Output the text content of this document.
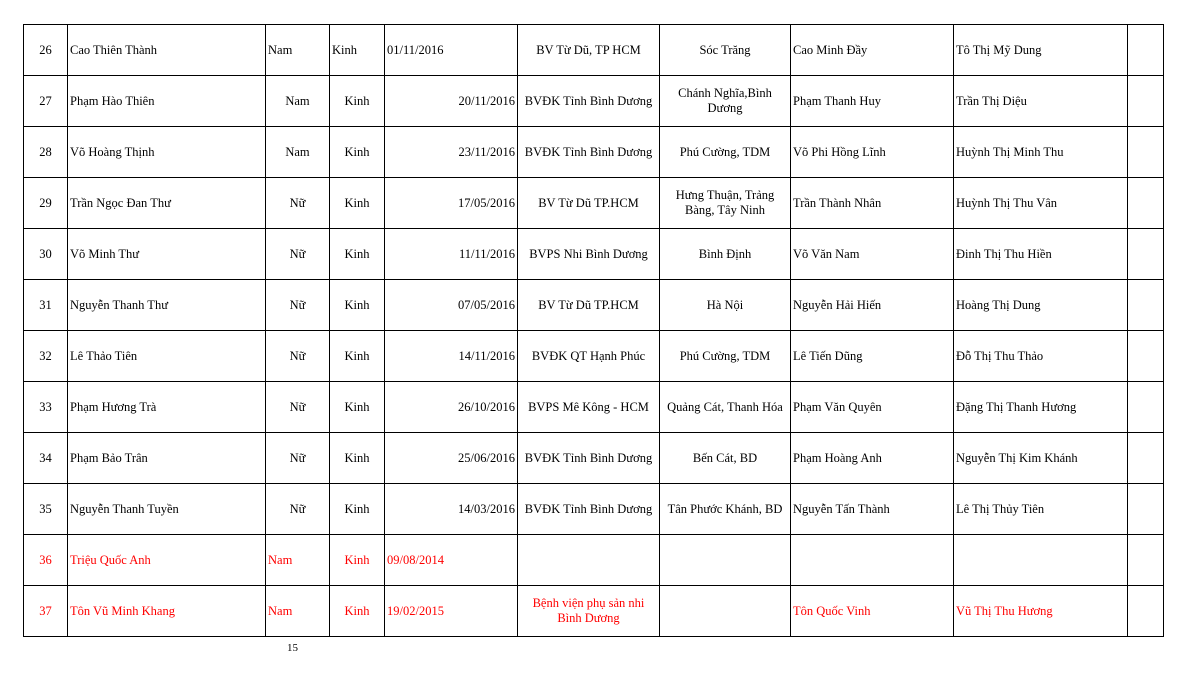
26	Cao Thiên Thành	Nam	Kinh	01/11/2016	BV Từ Dũ, TP HCM	Sóc Trăng	Cao Minh Đầy	Tô Thị Mỹ Dung	
27	Phạm Hào Thiên	Nam	Kinh	20/11/2016	BVĐK Tỉnh Bình Dương	Chánh Nghĩa,Bình Dương	Phạm Thanh Huy	Trần Thị Diệu	
28	Võ Hoàng Thịnh	Nam	Kinh	23/11/2016	BVĐK Tỉnh Bình Dương	Phú Cường, TDM	Võ Phi Hồng Lĩnh	Huỳnh Thị Minh Thu	
29	Trần Ngọc Đan Thư	Nữ	Kinh	17/05/2016	BV Từ Dũ TP.HCM	Hưng Thuận, Trảng Bàng, Tây Ninh	Trần Thành Nhân	Huỳnh Thị Thu Vân	
30	Võ Minh Thư	Nữ	Kinh	11/11/2016	BVPS Nhi Bình Dương	Bình Định	Võ Văn Nam	Đinh Thị Thu Hiền	
31	Nguyễn Thanh Thư	Nữ	Kinh	07/05/2016	BV Từ Dũ TP.HCM	Hà Nội	Nguyễn Hải Hiến	Hoàng Thị Dung	
32	Lê Thảo Tiên	Nữ	Kinh	14/11/2016	BVĐK QT Hạnh Phúc	Phú Cường, TDM	Lê Tiến Dũng	Đỗ Thị Thu Thảo	
33	Phạm Hương Trà	Nữ	Kinh	26/10/2016	BVPS Mê Kông - HCM	Quảng Cát, Thanh Hóa	Phạm Văn Quyên	Đặng Thị Thanh Hương	
34	Phạm Bảo Trân	Nữ	Kinh	25/06/2016	BVĐK Tỉnh Bình Dương	Bến Cát, BD	Phạm Hoàng Anh	Nguyễn Thị Kim Khánh	
35	Nguyễn Thanh Tuyền	Nữ	Kinh	14/03/2016	BVĐK Tỉnh Bình Dương	Tân Phước Khánh, BD	Nguyễn Tấn Thành	Lê Thị Thủy Tiên	
36	Triệu Quốc Anh	Nam	Kinh	09/08/2014					
37	Tôn Vũ Minh Khang	Nam	Kinh	19/02/2015	Bệnh viện phụ sản nhi Bình Dương		Tôn Quốc Vinh	Vũ Thị Thu Hương	
15
